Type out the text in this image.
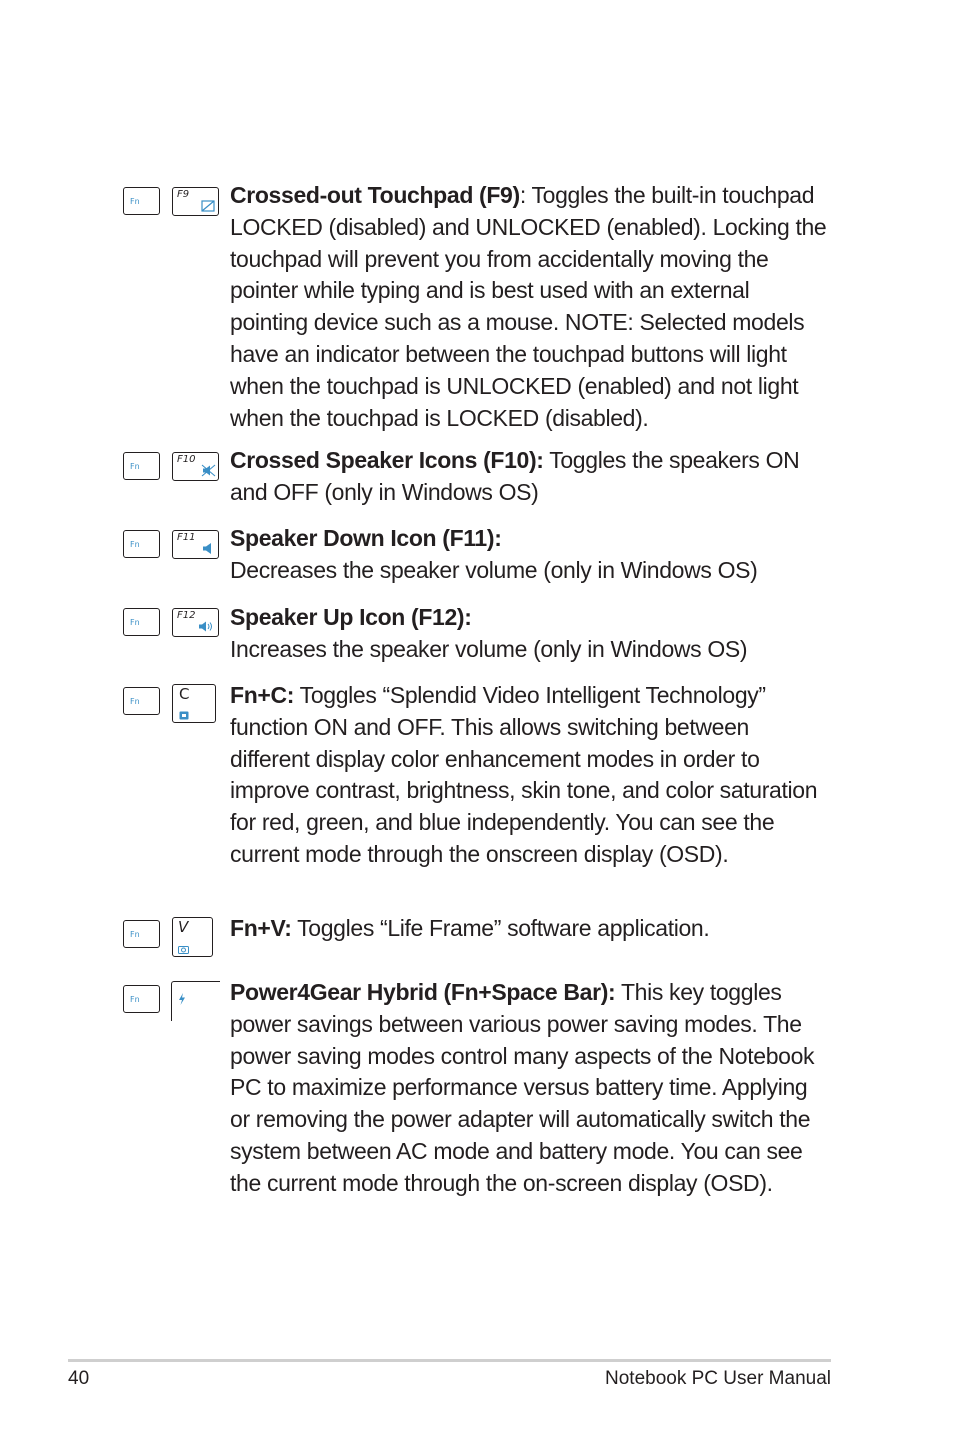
Fn
F9 Crossed-out Touchpad (F9): Toggles the built-in touchpad LOCKED (disabled) and UNLOCKED (enabled). Locking the touchpad will prevent you from accidentally moving the pointer while typing and is best used with an external pointing device such as a mouse. NOTE: Selected models have an indicator between the touchpad buttons will light when the touchpad is UNLOCKED (enabled) and not light when the touchpad is LOCKED (disabled).
Fn
F10 Crossed Speaker Icons (F10): Toggles the speakers ON and OFF (only in Windows OS)
Fn
F11 Speaker Down Icon (F11):
Decreases the speaker volume (only in Windows OS)
Fn
F12 Speaker Up Icon (F12):
Increases the speaker volume (only in Windows OS)
Fn	C Fn+C: Toggles “Splendid Video Intelligent Technology” function ON and OFF. This allows switching between different display color enhancement modes in order to improve contrast, brightness, skin tone, and color saturation for red, green, and blue independently. You can see the current mode through the onscreen display (OSD).
Fn	V Fn+V: Toggles “Life Frame” software application.
Fn	Power4Gear Hybrid (Fn+Space Bar): This key toggles power savings between various power saving modes. The power saving modes control many aspects of the Notebook PC to maximize performance versus battery time. Applying or removing the power adapter will automatically switch the system between AC mode and battery mode. You can see the current mode through the on-screen display (OSD).
40	Notebook PC User Manual
